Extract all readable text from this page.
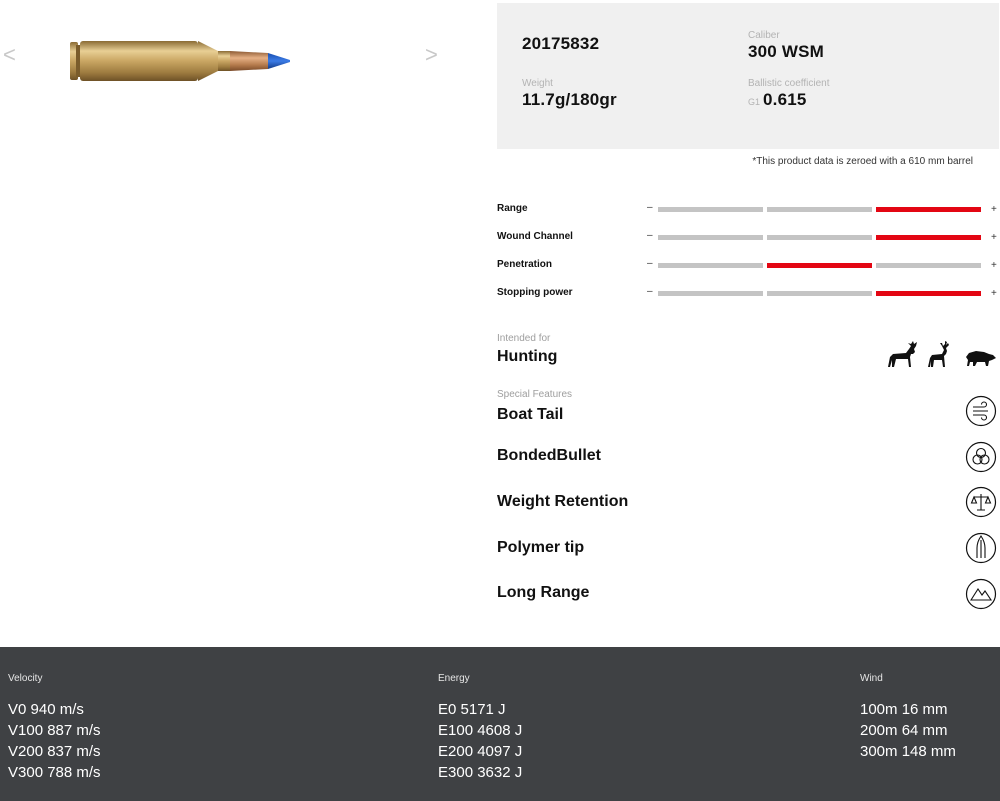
<	>	20175832	Caliber
300 WSM
Weight
11.7g/180gr
Ballistic coefficient
G1 0.615
*This product data is zeroed with a 610 mm barrel
Range	–	+
Wound Channel	–	+
Penetration	–	+
Stopping power	–	+
Intended for
Hunting
Special Features
Boat Tail
BondedBullet
Weight Retention
Polymer tip
Long Range
Velocity
V0 940 m/s
V100 887 m/s
V200 837 m/s
V300 788 m/s
Energy
E0 5171 J
E100 4608 J
E200 4097 J
E300 3632 J
Wind
100m 16 mm
200m 64 mm
300m 148 mm
